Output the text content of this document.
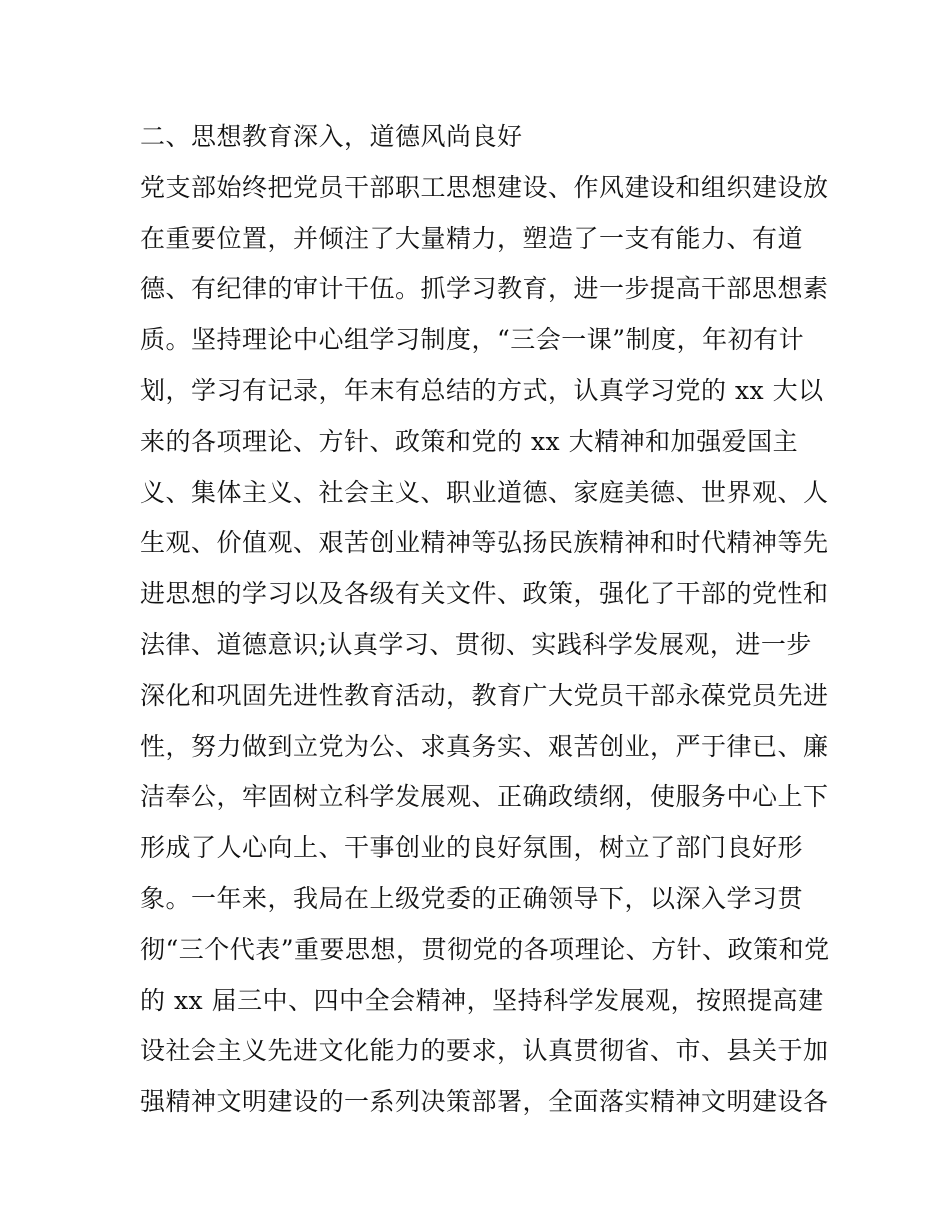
二、思想教育深入，道德风尚良好
党支部始终把党员干部职工思想建设、作风建设和组织建设放
在重要位置，并倾注了大量精力，塑造了一支有能力、有道
德、有纪律的审计干伍。抓学习教育，进一步提高干部思想素
质。坚持理论中心组学习制度，“三会一课”制度，年初有计
划，学习有记录，年末有总结的方式，认真学习党的 xx 大以
来的各项理论、方针、政策和党的 xx 大精神和加强爱国主
义、集体主义、社会主义、职业道德、家庭美德、世界观、人
生观、价值观、艰苦创业精神等弘扬民族精神和时代精神等先
进思想的学习以及各级有关文件、政策，强化了干部的党性和
法律、道德意识;认真学习、贯彻、实践科学发展观，进一步
深化和巩固先进性教育活动，教育广大党员干部永葆党员先进
性，努力做到立党为公、求真务实、艰苦创业，严于律已、廉
洁奉公，牢固树立科学发展观、正确政绩纲，使服务中心上下
形成了人心向上、干事创业的良好氛围，树立了部门良好形
象。一年来，我局在上级党委的正确领导下，以深入学习贯
彻“三个代表”重要思想，贯彻党的各项理论、方针、政策和党
的 xx 届三中、四中全会精神，坚持科学发展观，按照提高建
设社会主义先进文化能力的要求，认真贯彻省、市、县关于加
强精神文明建设的一系列决策部署，全面落实精神文明建设各
